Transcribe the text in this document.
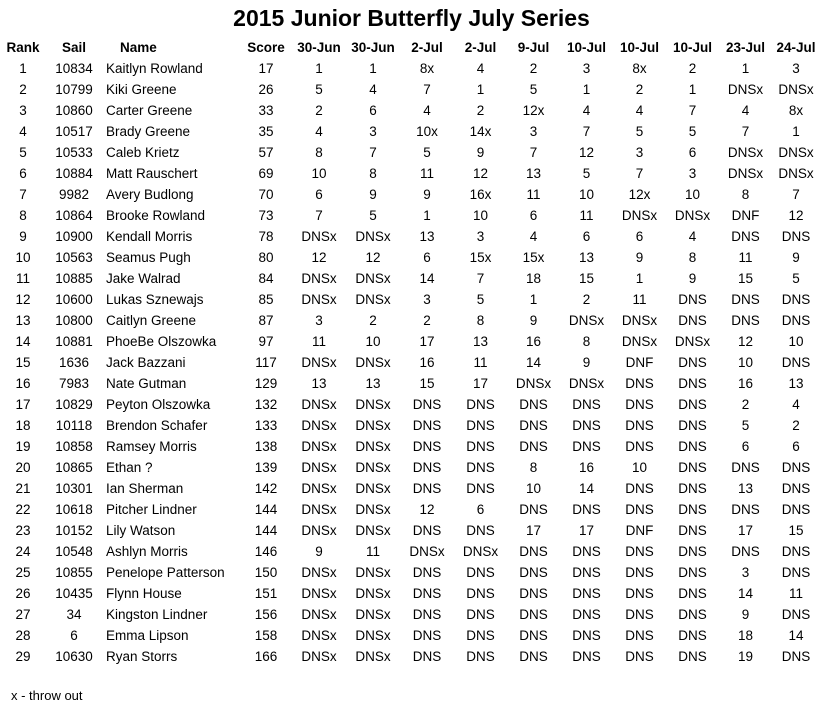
2015 Junior Butterfly July Series
Rank	Sail	Name	Score	30-Jun	30-Jun	2-Jul	2-Jul	9-Jul	10-Jul	10-Jul	10-Jul	23-Jul	24-Jul
1	10834	Kaitlyn Rowland	17	1	1	8x	4	2	3	8x	2	1	3
2	10799	Kiki Greene	26	5	4	7	1	5	1	2	1	DNSx	DNSx
3	10860	Carter Greene	33	2	6	4	2	12x	4	4	7	4	8x
4	10517	Brady Greene	35	4	3	10x	14x	3	7	5	5	7	1
5	10533	Caleb Krietz	57	8	7	5	9	7	12	3	6	DNSx	DNSx
6	10884	Matt Rauschert	69	10	8	11	12	13	5	7	3	DNSx	DNSx
7	9982	Avery Budlong	70	6	9	9	16x	11	10	12x	10	8	7
8	10864	Brooke Rowland	73	7	5	1	10	6	11	DNSx	DNSx	DNF	12
9	10900	Kendall Morris	78	DNSx	DNSx	13	3	4	6	6	4	DNS	DNS
10	10563	Seamus Pugh	80	12	12	6	15x	15x	13	9	8	11	9
11	10885	Jake Walrad	84	DNSx	DNSx	14	7	18	15	1	9	15	5
12	10600	Lukas Sznewajs	85	DNSx	DNSx	3	5	1	2	11	DNS	DNS	DNS
13	10800	Caitlyn Greene	87	3	2	2	8	9	DNSx	DNSx	DNS	DNS	DNS
14	10881	PhoeBe Olszowka	97	11	10	17	13	16	8	DNSx	DNSx	12	10
15	1636	Jack Bazzani	117	DNSx	DNSx	16	11	14	9	DNF	DNS	10	DNS
16	7983	Nate Gutman	129	13	13	15	17	DNSx	DNSx	DNS	DNS	16	13
17	10829	Peyton Olszowka	132	DNSx	DNSx	DNS	DNS	DNS	DNS	DNS	DNS	2	4
18	10118	Brendon Schafer	133	DNSx	DNSx	DNS	DNS	DNS	DNS	DNS	DNS	5	2
19	10858	Ramsey Morris	138	DNSx	DNSx	DNS	DNS	DNS	DNS	DNS	DNS	6	6
20	10865	Ethan ?	139	DNSx	DNSx	DNS	DNS	8	16	10	DNS	DNS	DNS
21	10301	Ian Sherman	142	DNSx	DNSx	DNS	DNS	10	14	DNS	DNS	13	DNS
22	10618	Pitcher Lindner	144	DNSx	DNSx	12	6	DNS	DNS	DNS	DNS	DNS	DNS
23	10152	Lily Watson	144	DNSx	DNSx	DNS	DNS	17	17	DNF	DNS	17	15
24	10548	Ashlyn Morris	146	9	11	DNSx	DNSx	DNS	DNS	DNS	DNS	DNS	DNS
25	10855	Penelope Patterson	150	DNSx	DNSx	DNS	DNS	DNS	DNS	DNS	DNS	3	DNS
26	10435	Flynn House	151	DNSx	DNSx	DNS	DNS	DNS	DNS	DNS	DNS	14	11
27	34	Kingston Lindner	156	DNSx	DNSx	DNS	DNS	DNS	DNS	DNS	DNS	9	DNS
28	6	Emma Lipson	158	DNSx	DNSx	DNS	DNS	DNS	DNS	DNS	DNS	18	14
29	10630	Ryan Storrs	166	DNSx	DNSx	DNS	DNS	DNS	DNS	DNS	DNS	19	DNS
x - throw out
